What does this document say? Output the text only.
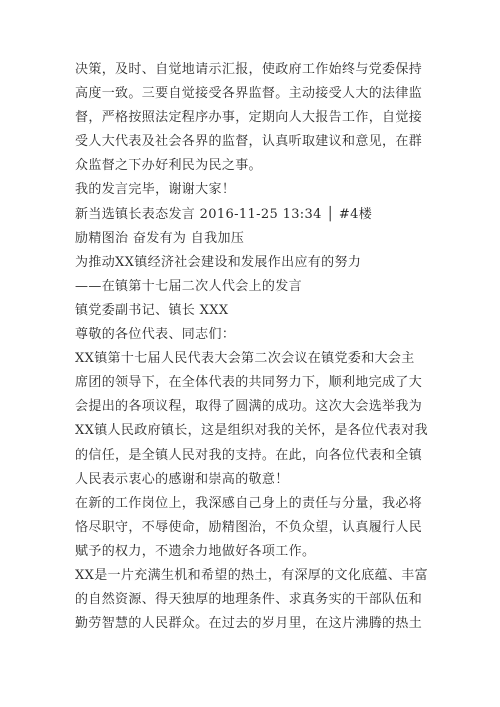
决策，及时、自觉地请示汇报，使政府工作始终与党委保持
高度一致。三要自觉接受各界监督。主动接受人大的法律监
督，严格按照法定程序办事，定期向人大报告工作，自觉接
受人大代表及社会各界的监督，认真听取建议和意见，在群
众监督之下办好利民为民之事。
我的发言完毕，谢谢大家！
新当选镇长表态发言 2016-11-25 13:34 │ #4楼
励精图治 奋发有为 自我加压
为推动XX镇经济社会建设和发展作出应有的努力
——在镇第十七届二次人代会上的发言
镇党委副书记、镇长 XXX
尊敬的各位代表、同志们：
XX镇第十七届人民代表大会第二次会议在镇党委和大会主
席团的领导下，在全体代表的共同努力下，顺利地完成了大
会提出的各项议程，取得了圆满的成功。这次大会选举我为
XX镇人民政府镇长，这是组织对我的关怀，是各位代表对我
的信任，是全镇人民对我的支持。在此，向各位代表和全镇
人民表示衷心的感谢和崇高的敬意！
在新的工作岗位上，我深感自己身上的责任与分量，我必将
恪尽职守，不辱使命，励精图治，不负众望，认真履行人民
赋予的权力，不遗余力地做好各项工作。
XX是一片充满生机和希望的热土，有深厚的文化底蕴、丰富
的自然资源、得天独厚的地理条件、求真务实的干部队伍和
勤劳智慧的人民群众。在过去的岁月里，在这片沸腾的热土
